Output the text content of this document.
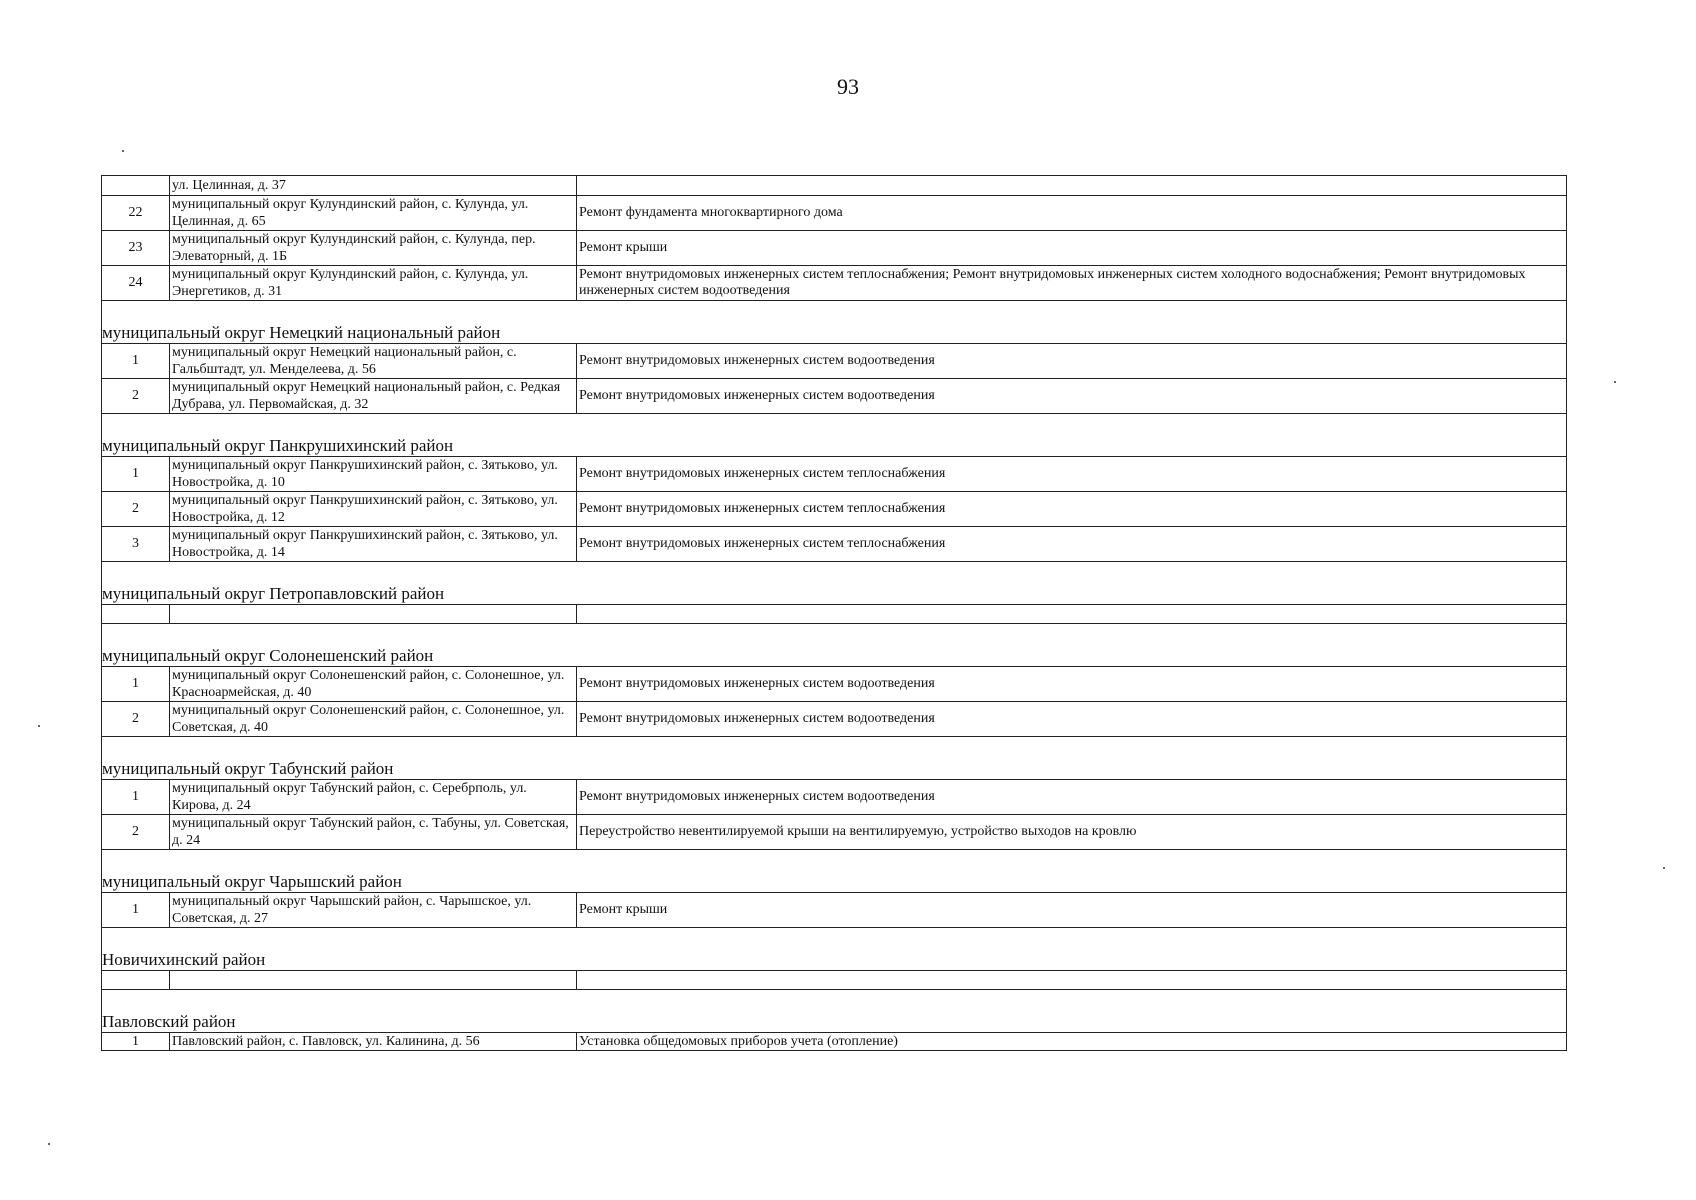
93
	ул. Целинная, д. 37	
22	муниципальный округ Кулундинский район, с. Кулунда, ул. Целинная, д. 65	Ремонт фундамента многоквартирного дома
23	муниципальный округ Кулундинский район, с. Кулунда, пер. Элеваторный, д. 1Б	Ремонт крыши
24	муниципальный округ Кулундинский район, с. Кулунда, ул. Энергетиков, д. 31	Ремонт внутридомовых инженерных систем теплоснабжения; Ремонт внутридомовых инженерных систем холодного водоснабжения; Ремонт внутридомовых инженерных систем водоотведения
муниципальный округ Немецкий национальный район		
1	муниципальный округ Немецкий национальный район, с. Гальбштадт, ул. Менделеева, д. 56	Ремонт внутридомовых инженерных систем водоотведения
2	муниципальный округ Немецкий национальный район, с. Редкая Дубрава, ул. Первомайская, д. 32	Ремонт внутридомовых инженерных систем водоотведения
муниципальный округ Панкрушихинский район		
1	муниципальный округ Панкрушихинский район, с. Зятьково, ул. Новостройка, д. 10	Ремонт внутридомовых инженерных систем теплоснабжения
2	муниципальный округ Панкрушихинский район, с. Зятьково, ул. Новостройка, д. 12	Ремонт внутридомовых инженерных систем теплоснабжения
3	муниципальный округ Панкрушихинский район, с. Зятьково, ул. Новостройка, д. 14	Ремонт внутридомовых инженерных систем теплоснабжения
муниципальный округ Петропавловский район		

муниципальный округ Солонешенский район		
1	муниципальный округ Солонешенский район, с. Солонешное, ул. Красноармейская, д. 40	Ремонт внутридомовых инженерных систем водоотведения
2	муниципальный округ Солонешенский район, с. Солонешное, ул. Советская, д. 40	Ремонт внутридомовых инженерных систем водоотведения
муниципальный округ Табунский район		
1	муниципальный округ Табунский район, с. Серебрполь, ул. Кирова, д. 24	Ремонт внутридомовых инженерных систем водоотведения
2	муниципальный округ Табунский район, с. Табуны, ул. Советская, д. 24	Переустройство невентилируемой крыши на вентилируемую, устройство выходов на кровлю
муниципальный округ Чарышский район		
1	муниципальный округ Чарышский район, с. Чарышское, ул. Советская, д. 27	Ремонт крыши
Новичихинский район		

Павловский район		
1	Павловский район, с. Павловск, ул. Калинина, д. 56	Установка общедомовых приборов учета (отопление)
